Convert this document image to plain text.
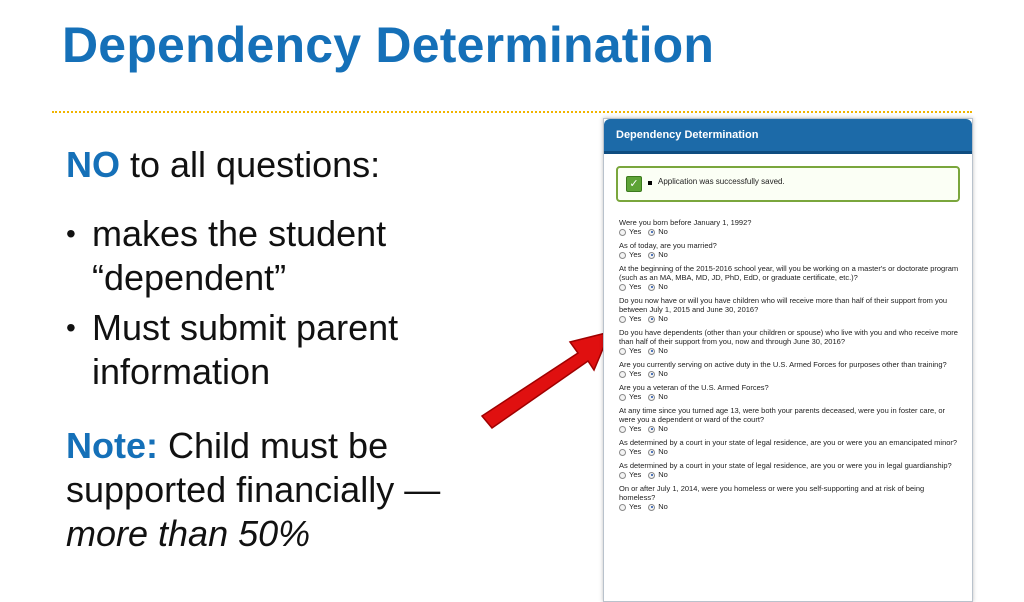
Dependency Determination
NO to all questions:
• makes the student “dependent”
• Must submit parent information
Note: Child must be supported financially — more than 50%
Dependency Determination
✓	Application was successfully saved.
Were you born before January 1, 1992?
Yes No
As of today, are you married?
Yes No
At the beginning of the 2015-2016 school year, will you be working on a master's or doctorate program (such as an MA, MBA, MD, JD, PhD, EdD, or graduate certificate, etc.)?
Yes No
Do you now have or will you have children who will receive more than half of their support from you between July 1, 2015 and June 30, 2016?
Yes No
Do you have dependents (other than your children or spouse) who live with you and who receive more than half of their support from you, now and through June 30, 2016?
Yes No
Are you currently serving on active duty in the U.S. Armed Forces for purposes other than training?
Yes No
Are you a veteran of the U.S. Armed Forces?
Yes No
At any time since you turned age 13, were both your parents deceased, were you in foster care, or were you a dependent or ward of the court?
Yes No
As determined by a court in your state of legal residence, are you or were you an emancipated minor?
Yes No
As determined by a court in your state of legal residence, are you or were you in legal guardianship?
Yes No
On or after July 1, 2014, were you homeless or were you self-supporting and at risk of being homeless?
Yes No
